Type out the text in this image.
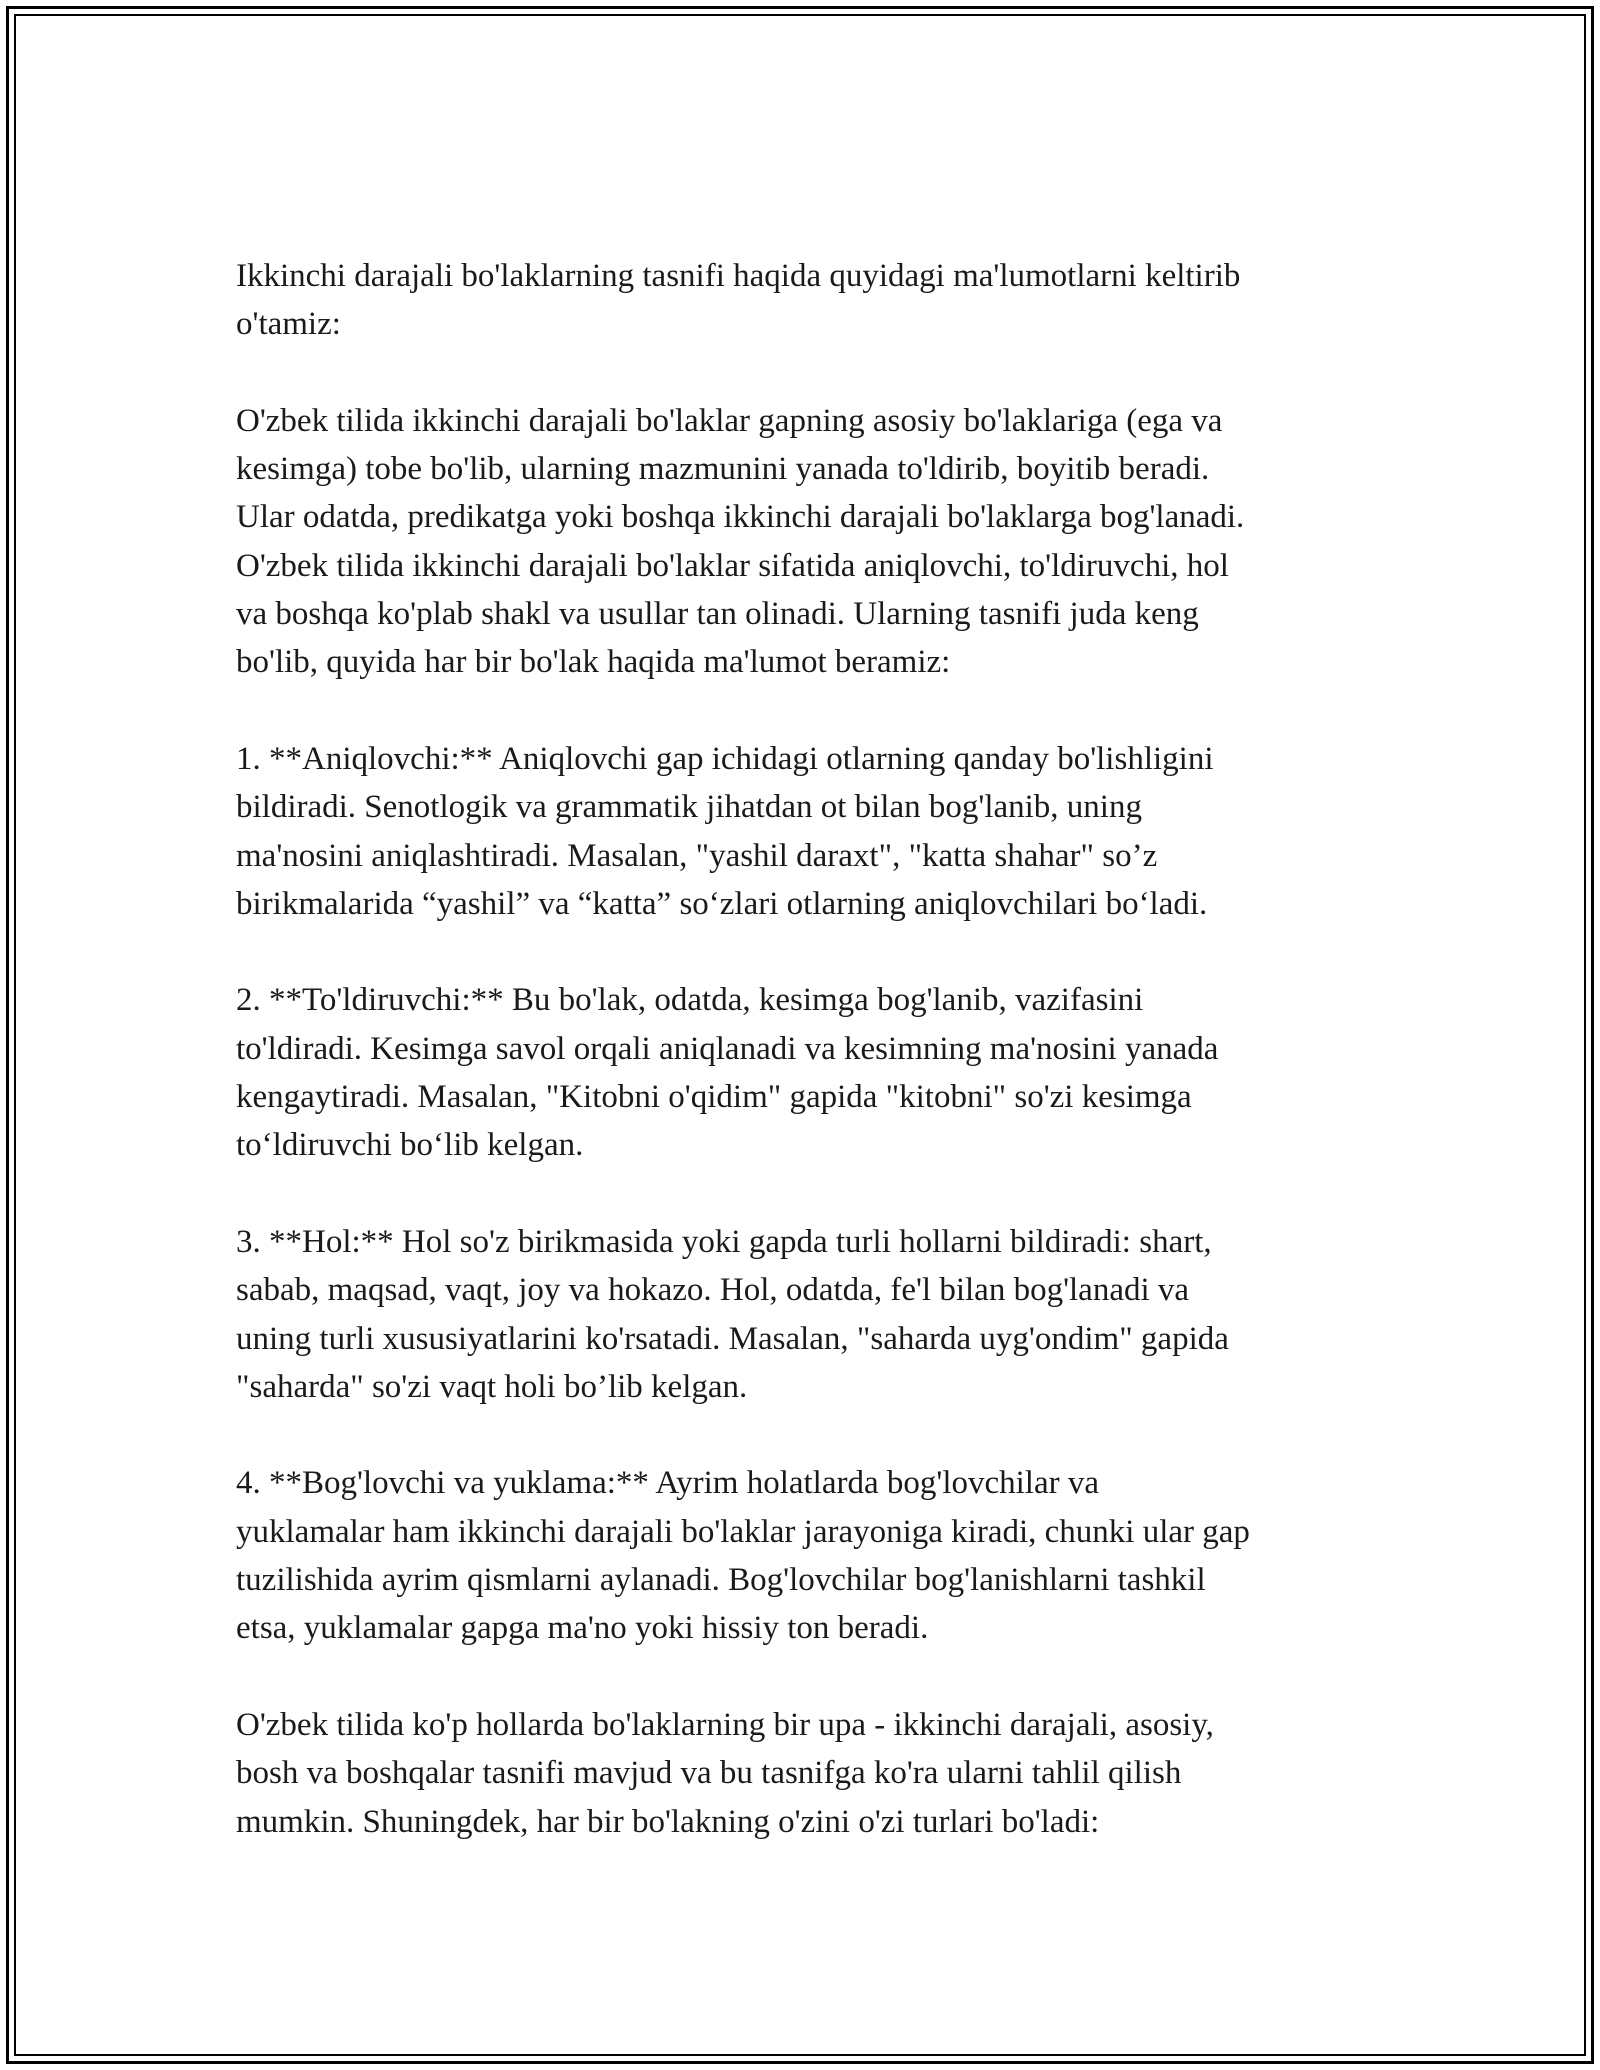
Ikkinchi darajali bo'laklarning tasnifi haqida quyidagi ma'lumotlarni keltirib
o'tamiz:

O'zbek tilida ikkinchi darajali bo'laklar gapning asosiy bo'laklariga (ega va
kesimga) tobe bo'lib, ularning mazmunini yanada to'ldirib, boyitib beradi.
Ular odatda, predikatga yoki boshqa ikkinchi darajali bo'laklarga bog'lanadi.
O'zbek tilida ikkinchi darajali bo'laklar sifatida aniqlovchi, to'ldiruvchi, hol
va boshqa ko'plab shakl va usullar tan olinadi. Ularning tasnifi juda keng
bo'lib, quyida har bir bo'lak haqida ma'lumot beramiz:

1. **Aniqlovchi:** Aniqlovchi gap ichidagi otlarning qanday bo'lishligini
bildiradi. Senotlogik va grammatik jihatdan ot bilan bog'lanib, uning
ma'nosini aniqlashtiradi. Masalan, "yashil daraxt", "katta shahar" so’z
birikmalarida “yashil” va “katta” so‘zlari otlarning aniqlovchilari bo‘ladi.

2. **To'ldiruvchi:** Bu bo'lak, odatda, kesimga bog'lanib, vazifasini
to'ldiradi. Kesimga savol orqali aniqlanadi va kesimning ma'nosini yanada
kengaytiradi. Masalan, "Kitobni o'qidim" gapida "kitobni" so'zi kesimga
to‘ldiruvchi bo‘lib kelgan.

3. **Hol:** Hol so'z birikmasida yoki gapda turli hollarni bildiradi: shart,
sabab, maqsad, vaqt, joy va hokazo. Hol, odatda, fe'l bilan bog'lanadi va
uning turli xususiyatlarini ko'rsatadi. Masalan, "saharda uyg'ondim" gapida
"saharda" so'zi vaqt holi bo’lib kelgan.

4. **Bog'lovchi va yuklama:** Ayrim holatlarda bog'lovchilar va
yuklamalar ham ikkinchi darajali bo'laklar jarayoniga kiradi, chunki ular gap
tuzilishida ayrim qismlarni aylanadi. Bog'lovchilar bog'lanishlarni tashkil
etsa, yuklamalar gapga ma'no yoki hissiy ton beradi.

O'zbek tilida ko'p hollarda bo'laklarning bir upa - ikkinchi darajali, asosiy,
bosh va boshqalar tasnifi mavjud va bu tasnifga ko'ra ularni tahlil qilish
mumkin. Shuningdek, har bir bo'lakning o'zini o'zi turlari bo'ladi:
